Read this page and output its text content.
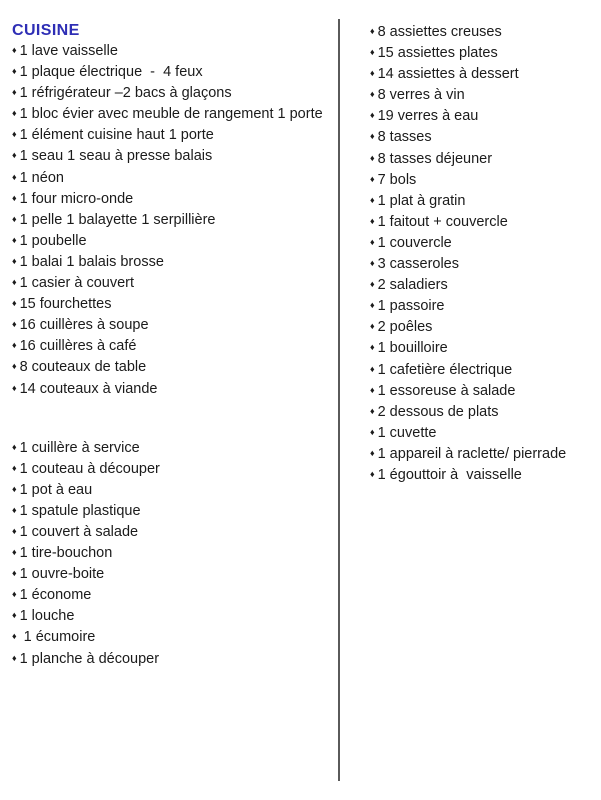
CUISINE
♦ 1 lave vaisselle
♦ 1 plaque électrique  -  4 feux
♦ 1 réfrigérateur –2 bacs à glaçons
♦ 1 bloc évier avec meuble de rangement 1 porte
♦ 1 élément cuisine haut 1 porte
♦ 1 seau 1 seau à presse balais
♦ 1 néon
♦ 1 four micro-onde
♦ 1 pelle 1 balayette 1 serpillière
♦ 1 poubelle
♦ 1 balai 1 balais brosse
♦ 1 casier à couvert
♦ 15 fourchettes
♦ 16 cuillères à soupe
♦ 16 cuillères à café
♦ 8 couteaux de table
♦ 14 couteaux à viande
♦ 1 cuillère à service
♦ 1 couteau à découper
♦ 1 pot à eau
♦ 1 spatule plastique
♦ 1 couvert à salade
♦ 1 tire-bouchon
♦ 1 ouvre-boite
♦ 1 économe
♦ 1 louche
♦ 1 écumoire
♦ 1 planche à découper
♦ 8 assiettes creuses
♦ 15 assiettes plates
♦ 14 assiettes à dessert
♦ 8 verres à vin
♦ 19 verres à eau
♦ 8 tasses
♦ 8 tasses déjeuner
♦ 7 bols
♦ 1 plat à gratin
♦ 1 faitout + couvercle
♦ 1 couvercle
♦ 3 casseroles
♦ 2 saladiers
♦ 1 passoire
♦ 2 poêles
♦ 1 bouilloire
♦ 1 cafetière électrique
♦ 1 essoreuse à salade
♦ 2 dessous de plats
♦ 1 cuvette
♦ 1 appareil à raclette/ pierrade
♦ 1 égouttoir à  vaisselle
